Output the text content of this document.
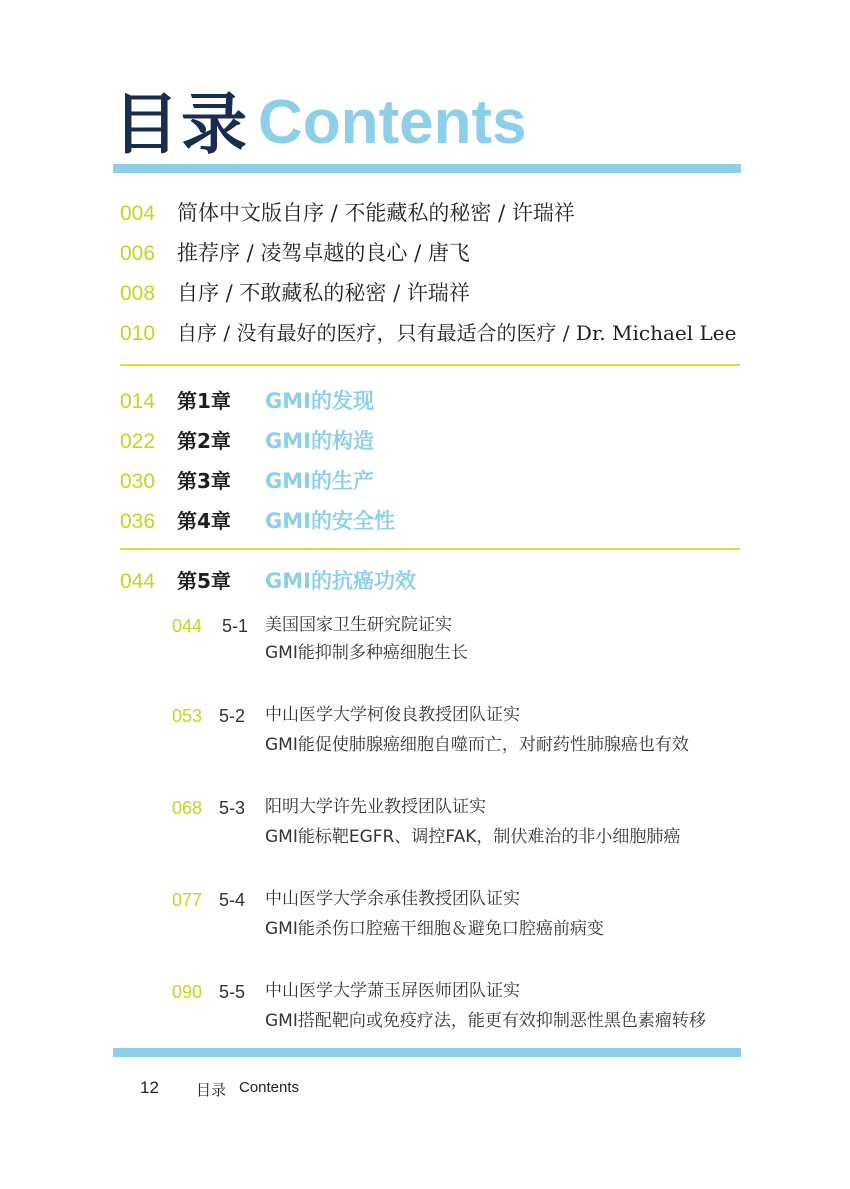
目录 Contents
004 简体中文版自序 / 不能藏私的秘密 / 许瑞祥
006 推荐序 / 凌驾卓越的良心 / 唐飞
008 自序 / 不敢藏私的秘密 / 许瑞祥
010 自序 / 没有最好的医疗，只有最适合的医疗 / Dr. Michael Lee
014 第1章 GMI的发现
022 第2章 GMI的构造
030 第3章 GMI的生产
036 第4章 GMI的安全性
044 第5章 GMI的抗癌功效
044 5-1 美国国家卫生研究院证实
GMI能抑制多种癌细胞生长
053 5-2 中山医学大学柯俊良教授团队证实
GMI能促使肺腺癌细胞自噬而亡，对耐药性肺腺癌也有效
068 5-3 阳明大学许先业教授团队证实
GMI能标靶EGFR、调控FAK，制伏难治的非小细胞肺癌
077 5-4 中山医学大学余承佳教授团队证实
GMI能杀伤口腔癌干细胞＆避免口腔癌前病变
090 5-5 中山医学大学萧玉屏医师团队证实
GMI搭配靶向或免疫疗法，能更有效抑制恶性黑色素瘤转移
12 目录 Contents
